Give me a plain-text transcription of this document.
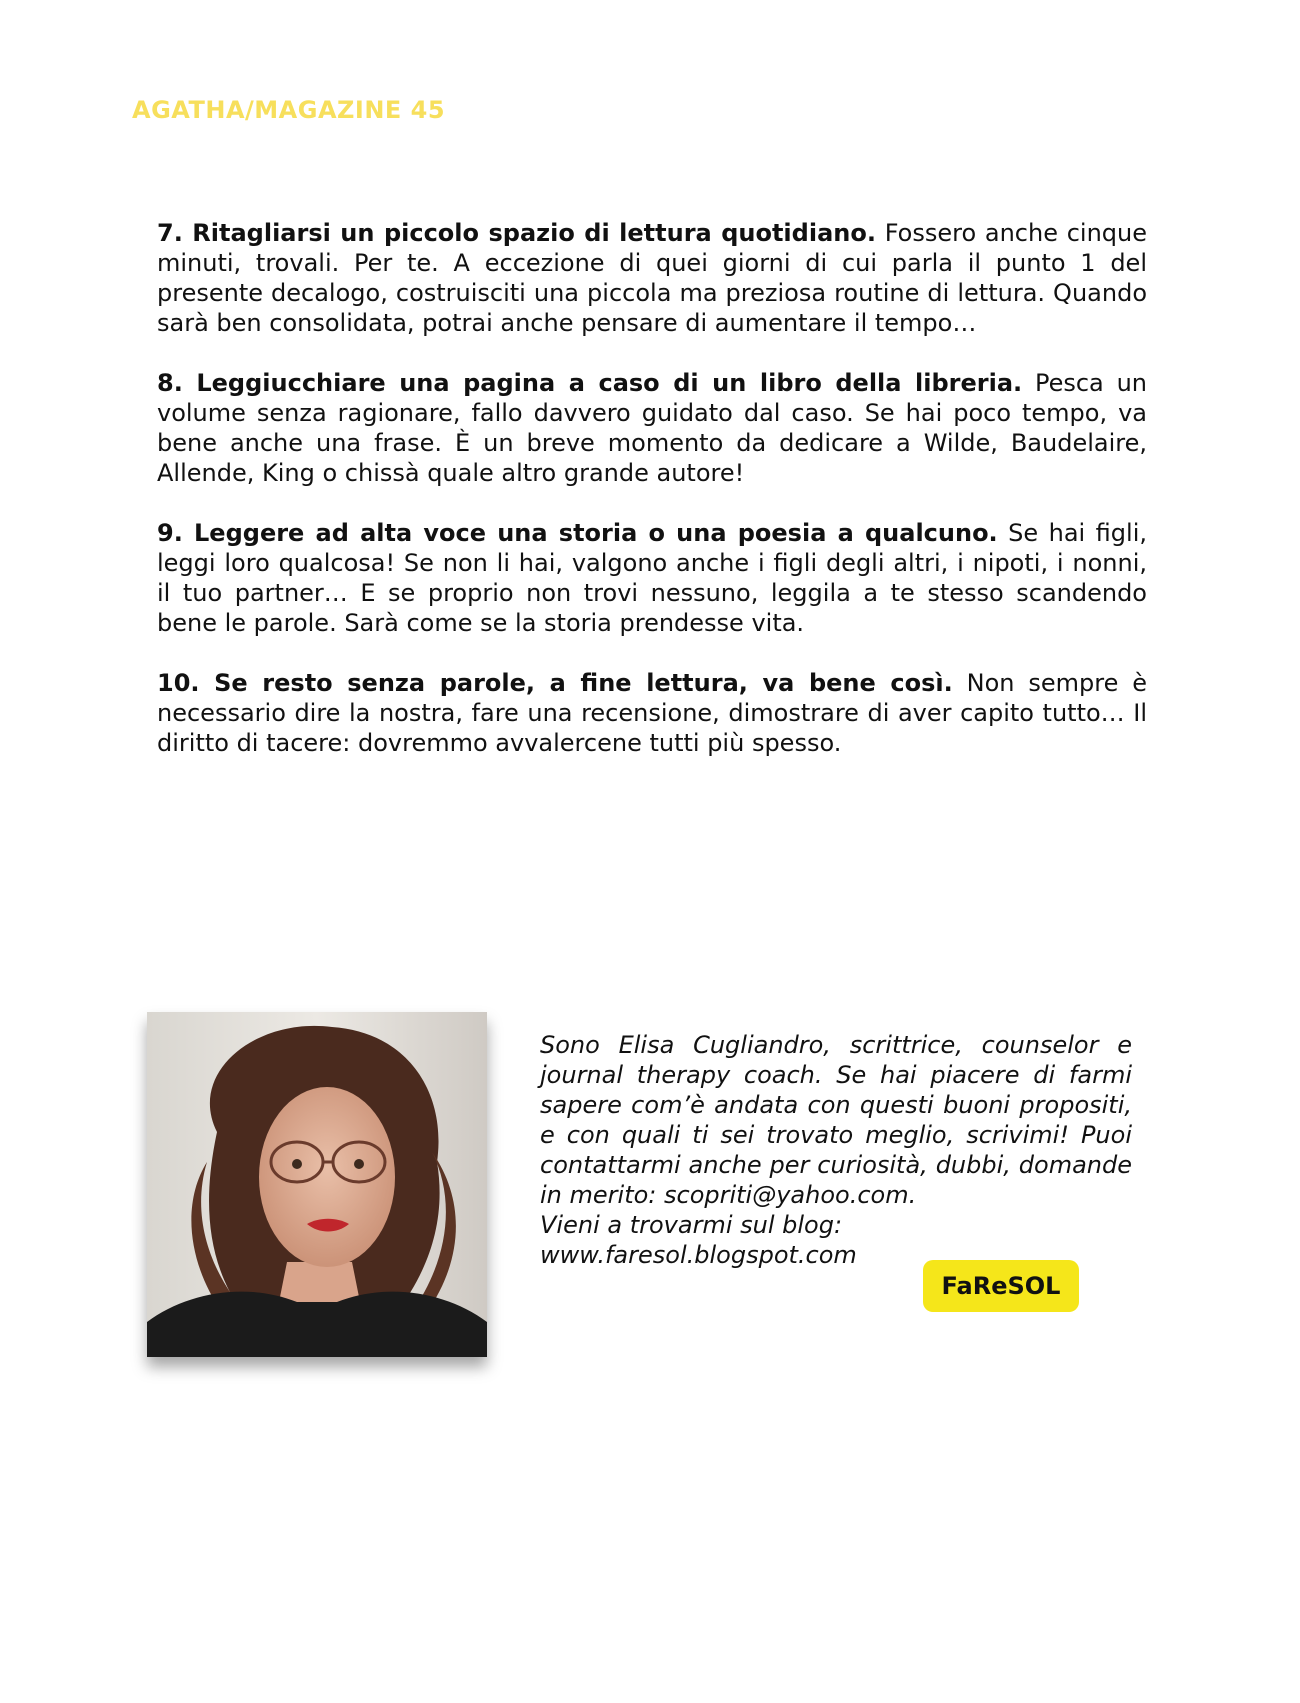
AGATHA/MAGAZINE 45

7. Ritagliarsi un piccolo spazio di lettura quotidiano. Fossero anche cinque minuti, trovali. Per te. A eccezione di quei giorni di cui parla il punto 1 del presente decalogo, costruisciti una piccola ma preziosa routine di lettura. Quando sarà ben consolidata, potrai anche pensare di aumentare il tempo…

8. Leggiucchiare una pagina a caso di un libro della libreria. Pesca un volume senza ragionare, fallo davvero guidato dal caso. Se hai poco tempo, va bene anche una frase. È un breve momento da dedicare a Wilde, Baudelaire, Allende, King o chissà quale altro grande autore!

9. Leggere ad alta voce una storia o una poesia a qualcuno. Se hai figli, leggi loro qualcosa! Se non li hai, valgono anche i figli degli altri, i nipoti, i nonni, il tuo partner… E se proprio non trovi nessuno, leggila a te stesso scandendo bene le parole. Sarà come se la storia prendesse vita.

10. Se resto senza parole, a fine lettura, va bene così. Non sempre è necessario dire la nostra, fare una recensione, dimostrare di aver capito tutto… Il diritto di tacere: dovremmo avvalercene tutti più spesso.

Sono Elisa Cugliandro, scrittrice, counselor e journal therapy coach. Se hai piacere di farmi sapere com’è andata con questi buoni propositi, e con quali ti sei trovato meglio, scrivimi! Puoi contattarmi anche per curiosità, dubbi, domande in merito: scopriti@yahoo.com.

Vieni a trovarmi sul blog:
www.faresol.blogspot.com
FaReSOL
